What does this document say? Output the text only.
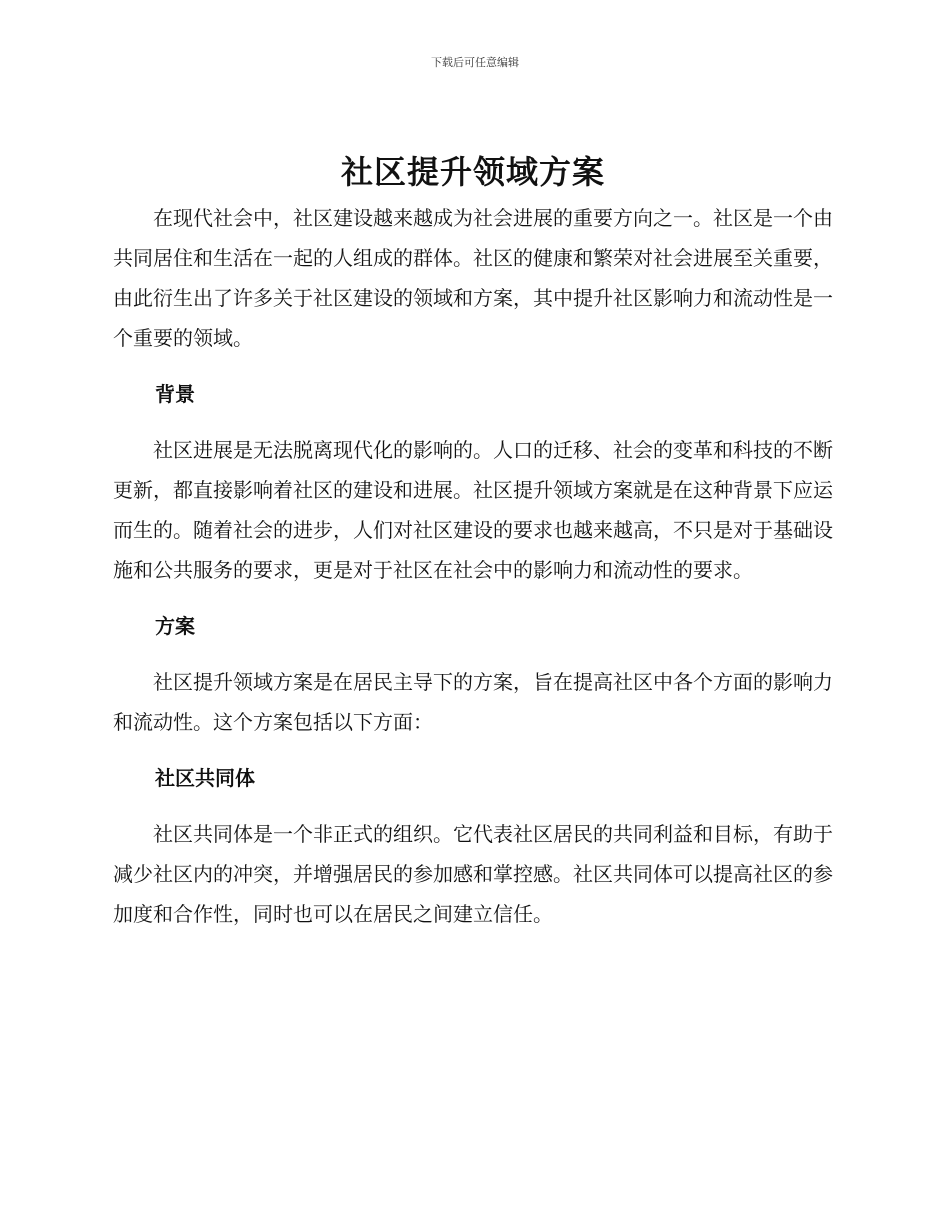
下载后可任意编辑
社区提升领域方案

在现代社会中，社区建设越来越成为社会进展的重要方向之一。社区是一个由共同居住和生活在一起的人组成的群体。社区的健康和繁荣对社会进展至关重要，由此衍生出了许多关于社区建设的领域和方案，其中提升社区影响力和流动性是一个重要的领域。

背景

社区进展是无法脱离现代化的影响的。人口的迁移、社会的变革和科技的不断更新，都直接影响着社区的建设和进展。社区提升领域方案就是在这种背景下应运而生的。随着社会的进步，人们对社区建设的要求也越来越高，不只是对于基础设施和公共服务的要求，更是对于社区在社会中的影响力和流动性的要求。

方案

社区提升领域方案是在居民主导下的方案，旨在提高社区中各个方面的影响力和流动性。这个方案包括以下方面：

社区共同体

社区共同体是一个非正式的组织。它代表社区居民的共同利益和目标，有助于减少社区内的冲突，并增强居民的参加感和掌控感。社区共同体可以提高社区的参加度和合作性，同时也可以在居民之间建立信任。
